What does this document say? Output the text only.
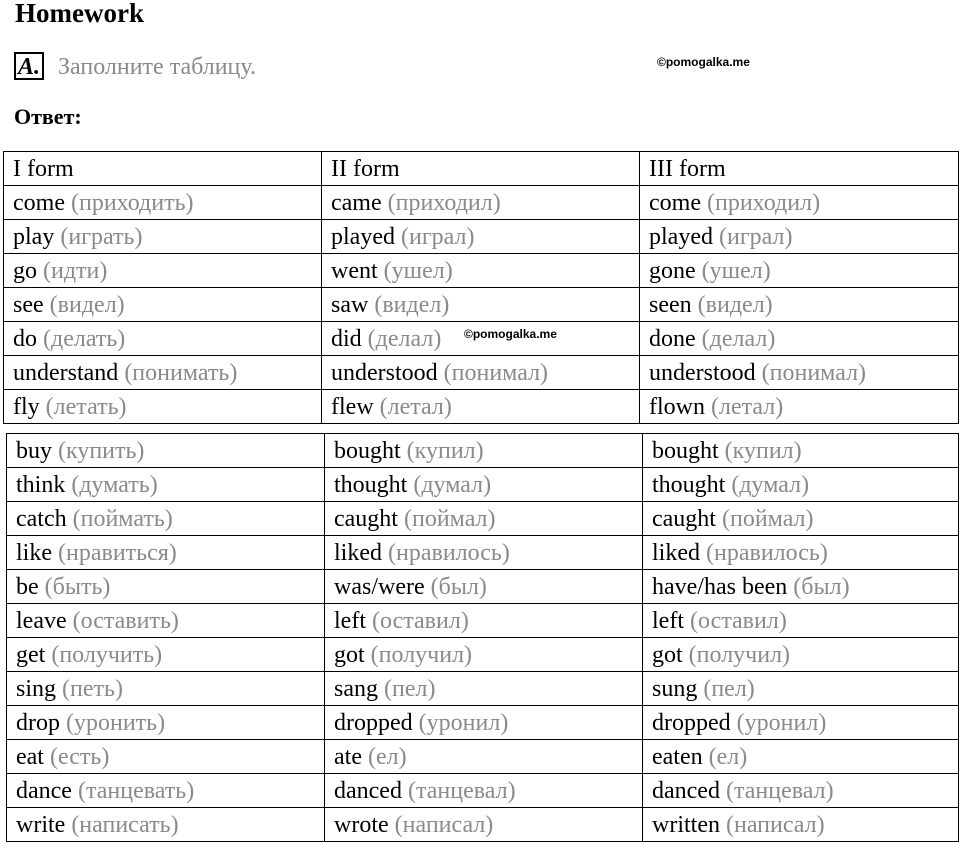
Homework
A. Заполните таблицу.	©pomogalka.me
Ответ:
I form	II form	III form
come (приходить)	came (приходил)	come (приходил)
play (играть)	played (играл)	played (играл)
go (идти)	went (ушел)	gone (ушел)
see (видел)	saw (видел)	seen (видел)
do (делать)	did (делал)	done (делал)
understand (понимать)	understood (понимал)	understood (понимал)
fly (летать)	flew (летал)	flown (летал)
buy (купить)	bought (купил)	bought (купил)
think (думать)	thought (думал)	thought (думал)
catch (поймать)	caught (поймал)	caught (поймал)
like (нравиться)	liked (нравилось)	liked (нравилось)
be (быть)	was/were (был)	have/has been (был)
leave (оставить)	left (оставил)	left (оставил)
get (получить)	got (получил)	got (получил)
sing (петь)	sang (пел)	sung (пел)
drop (уронить)	dropped (уронил)	dropped (уронил)
eat (есть)	ate (ел)	eaten (ел)
dance (танцевать)	danced (танцевал)	danced (танцевал)
write (написать)	wrote (написал)	written (написал)
©pomogalka.me
